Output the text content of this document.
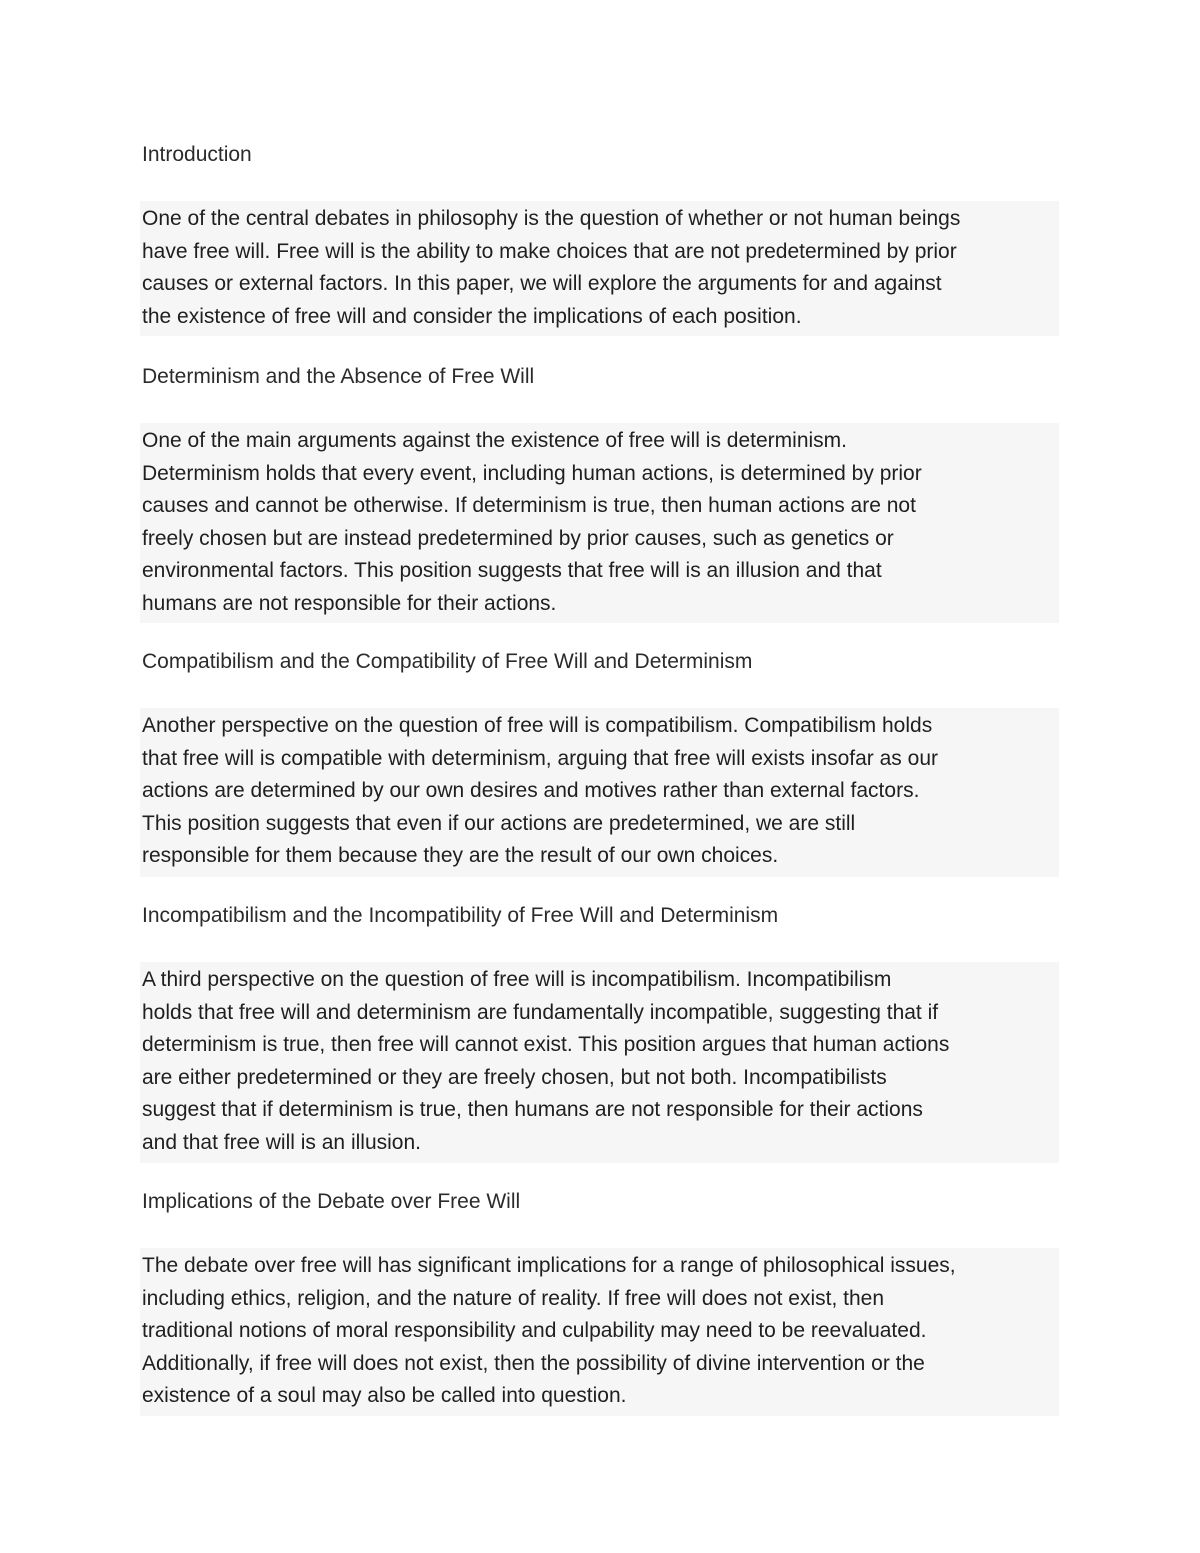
Introduction
One of the central debates in philosophy is the question of whether or not human beings
have free will. Free will is the ability to make choices that are not predetermined by prior
causes or external factors. In this paper, we will explore the arguments for and against
the existence of free will and consider the implications of each position.
Determinism and the Absence of Free Will
One of the main arguments against the existence of free will is determinism.
Determinism holds that every event, including human actions, is determined by prior
causes and cannot be otherwise. If determinism is true, then human actions are not
freely chosen but are instead predetermined by prior causes, such as genetics or
environmental factors. This position suggests that free will is an illusion and that
humans are not responsible for their actions.
Compatibilism and the Compatibility of Free Will and Determinism
Another perspective on the question of free will is compatibilism. Compatibilism holds
that free will is compatible with determinism, arguing that free will exists insofar as our
actions are determined by our own desires and motives rather than external factors.
This position suggests that even if our actions are predetermined, we are still
responsible for them because they are the result of our own choices.
Incompatibilism and the Incompatibility of Free Will and Determinism
A third perspective on the question of free will is incompatibilism. Incompatibilism
holds that free will and determinism are fundamentally incompatible, suggesting that if
determinism is true, then free will cannot exist. This position argues that human actions
are either predetermined or they are freely chosen, but not both. Incompatibilists
suggest that if determinism is true, then humans are not responsible for their actions
and that free will is an illusion.
Implications of the Debate over Free Will
The debate over free will has significant implications for a range of philosophical issues,
including ethics, religion, and the nature of reality. If free will does not exist, then
traditional notions of moral responsibility and culpability may need to be reevaluated.
Additionally, if free will does not exist, then the possibility of divine intervention or the
existence of a soul may also be called into question.
